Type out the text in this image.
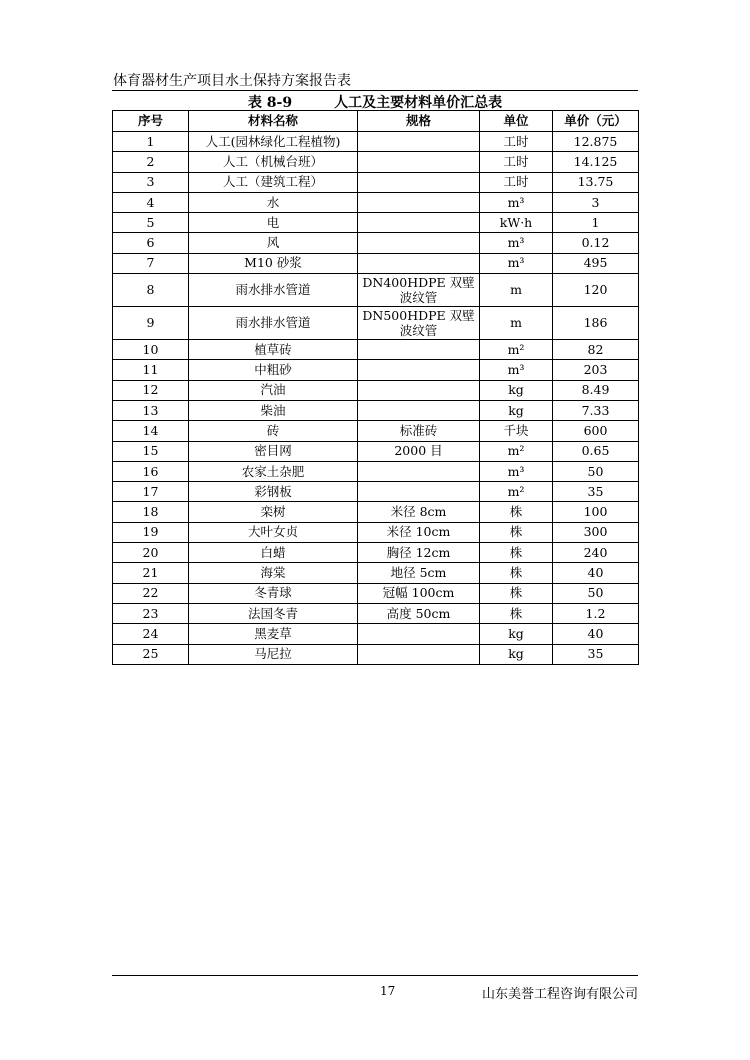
体育器材生产项目水土保持方案报告表
表 8-9	人工及主要材料单价汇总表
序号	材料名称	规格	单位	单价（元）
1	人工(园林绿化工程植物)		工时	12.875
2	人工（机械台班）		工时	14.125
3	人工（建筑工程）		工时	13.75
4	水		m³	3
5	电		kW·h	1
6	风		m³	0.12
7	M10 砂浆		m³	495
8	雨水排水管道	DN400HDPE 双壁波纹管	m	120
9	雨水排水管道	DN500HDPE 双壁波纹管	m	186
10	植草砖		m²	82
11	中粗砂		m³	203
12	汽油		kg	8.49
13	柴油		kg	7.33
14	砖	标准砖	千块	600
15	密目网	2000 目	m²	0.65
16	农家土杂肥		m³	50
17	彩钢板		m²	35
18	栾树	米径 8cm	株	100
19	大叶女贞	米径 10cm	株	300
20	白蜡	胸径 12cm	株	240
21	海棠	地径 5cm	株	40
22	冬青球	冠幅 100cm	株	50
23	法国冬青	高度 50cm	株	1.2
24	黑麦草		kg	40
25	马尼拉		kg	35
17	山东美誉工程咨询有限公司
